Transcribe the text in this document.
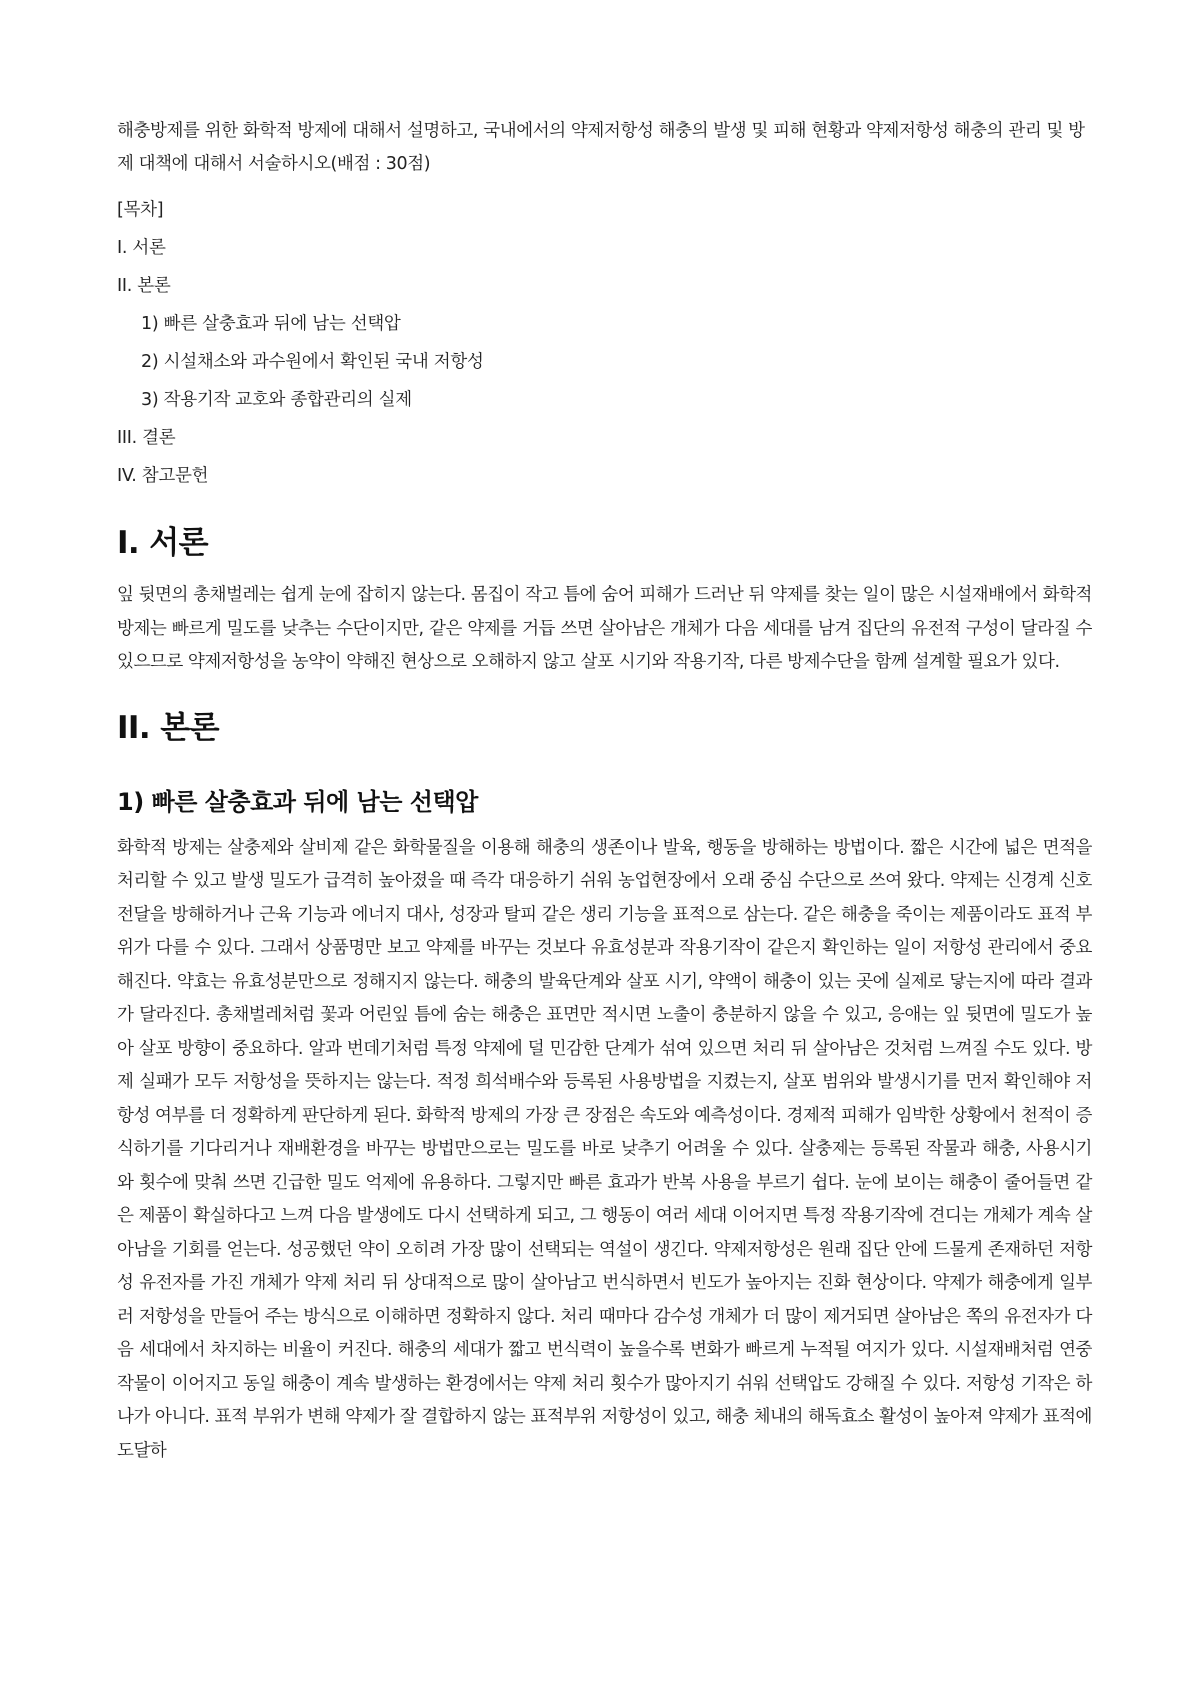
해충방제를 위한 화학적 방제에 대해서 설명하고, 국내에서의 약제저항성 해충의 발생 및 피해 현황과 약제저항성 해충의 관리 및 방제 대책에 대해서 서술하시오(배점 : 30점)

[목차]

I. 서론

II. 본론

1) 빠른 살충효과 뒤에 남는 선택압

2) 시설채소와 과수원에서 확인된 국내 저항성

3) 작용기작 교호와 종합관리의 실제

III. 결론

IV. 참고문헌

I. 서론

잎 뒷면의 총채벌레는 쉽게 눈에 잡히지 않는다. 몸집이 작고 틈에 숨어 피해가 드러난 뒤 약제를 찾는 일이 많은 시설재배에서 화학적 방제는 빠르게 밀도를 낮추는 수단이지만, 같은 약제를 거듭 쓰면 살아남은 개체가 다음 세대를 남겨 집단의 유전적 구성이 달라질 수 있으므로 약제저항성을 농약이 약해진 현상으로 오해하지 않고 살포 시기와 작용기작, 다른 방제수단을 함께 설계할 필요가 있다.

II. 본론
1) 빠른 살충효과 뒤에 남는 선택압

화학적 방제는 살충제와 살비제 같은 화학물질을 이용해 해충의 생존이나 발육, 행동을 방해하는 방법이다. 짧은 시간에 넓은 면적을 처리할 수 있고 발생 밀도가 급격히 높아졌을 때 즉각 대응하기 쉬워 농업현장에서 오래 중심 수단으로 쓰여 왔다. 약제는 신경계 신호 전달을 방해하거나 근육 기능과 에너지 대사, 성장과 탈피 같은 생리 기능을 표적으로 삼는다. 같은 해충을 죽이는 제품이라도 표적 부위가 다를 수 있다. 그래서 상품명만 보고 약제를 바꾸는 것보다 유효성분과 작용기작이 같은지 확인하는 일이 저항성 관리에서 중요해진다. 약효는 유효성분만으로 정해지지 않는다. 해충의 발육단계와 살포 시기, 약액이 해충이 있는 곳에 실제로 닿는지에 따라 결과가 달라진다. 총채벌레처럼 꽃과 어린잎 틈에 숨는 해충은 표면만 적시면 노출이 충분하지 않을 수 있고, 응애는 잎 뒷면에 밀도가 높아 살포 방향이 중요하다. 알과 번데기처럼 특정 약제에 덜 민감한 단계가 섞여 있으면 처리 뒤 살아남은 것처럼 느껴질 수도 있다. 방제 실패가 모두 저항성을 뜻하지는 않는다. 적정 희석배수와 등록된 사용방법을 지켰는지, 살포 범위와 발생시기를 먼저 확인해야 저항성 여부를 더 정확하게 판단하게 된다. 화학적 방제의 가장 큰 장점은 속도와 예측성이다. 경제적 피해가 임박한 상황에서 천적이 증식하기를 기다리거나 재배환경을 바꾸는 방법만으로는 밀도를 바로 낮추기 어려울 수 있다. 살충제는 등록된 작물과 해충, 사용시기와 횟수에 맞춰 쓰면 긴급한 밀도 억제에 유용하다. 그렇지만 빠른 효과가 반복 사용을 부르기 쉽다. 눈에 보이는 해충이 줄어들면 같은 제품이 확실하다고 느껴 다음 발생에도 다시 선택하게 되고, 그 행동이 여러 세대 이어지면 특정 작용기작에 견디는 개체가 계속 살아남을 기회를 얻는다. 성공했던 약이 오히려 가장 많이 선택되는 역설이 생긴다. 약제저항성은 원래 집단 안에 드물게 존재하던 저항성 유전자를 가진 개체가 약제 처리 뒤 상대적으로 많이 살아남고 번식하면서 빈도가 높아지는 진화 현상이다. 약제가 해충에게 일부러 저항성을 만들어 주는 방식으로 이해하면 정확하지 않다. 처리 때마다 감수성 개체가 더 많이 제거되면 살아남은 쪽의 유전자가 다음 세대에서 차지하는 비율이 커진다. 해충의 세대가 짧고 번식력이 높을수록 변화가 빠르게 누적될 여지가 있다. 시설재배처럼 연중 작물이 이어지고 동일 해충이 계속 발생하는 환경에서는 약제 처리 횟수가 많아지기 쉬워 선택압도 강해질 수 있다. 저항성 기작은 하나가 아니다. 표적 부위가 변해 약제가 잘 결합하지 않는 표적부위 저항성이 있고, 해충 체내의 해독효소 활성이 높아져 약제가 표적에 도달하
